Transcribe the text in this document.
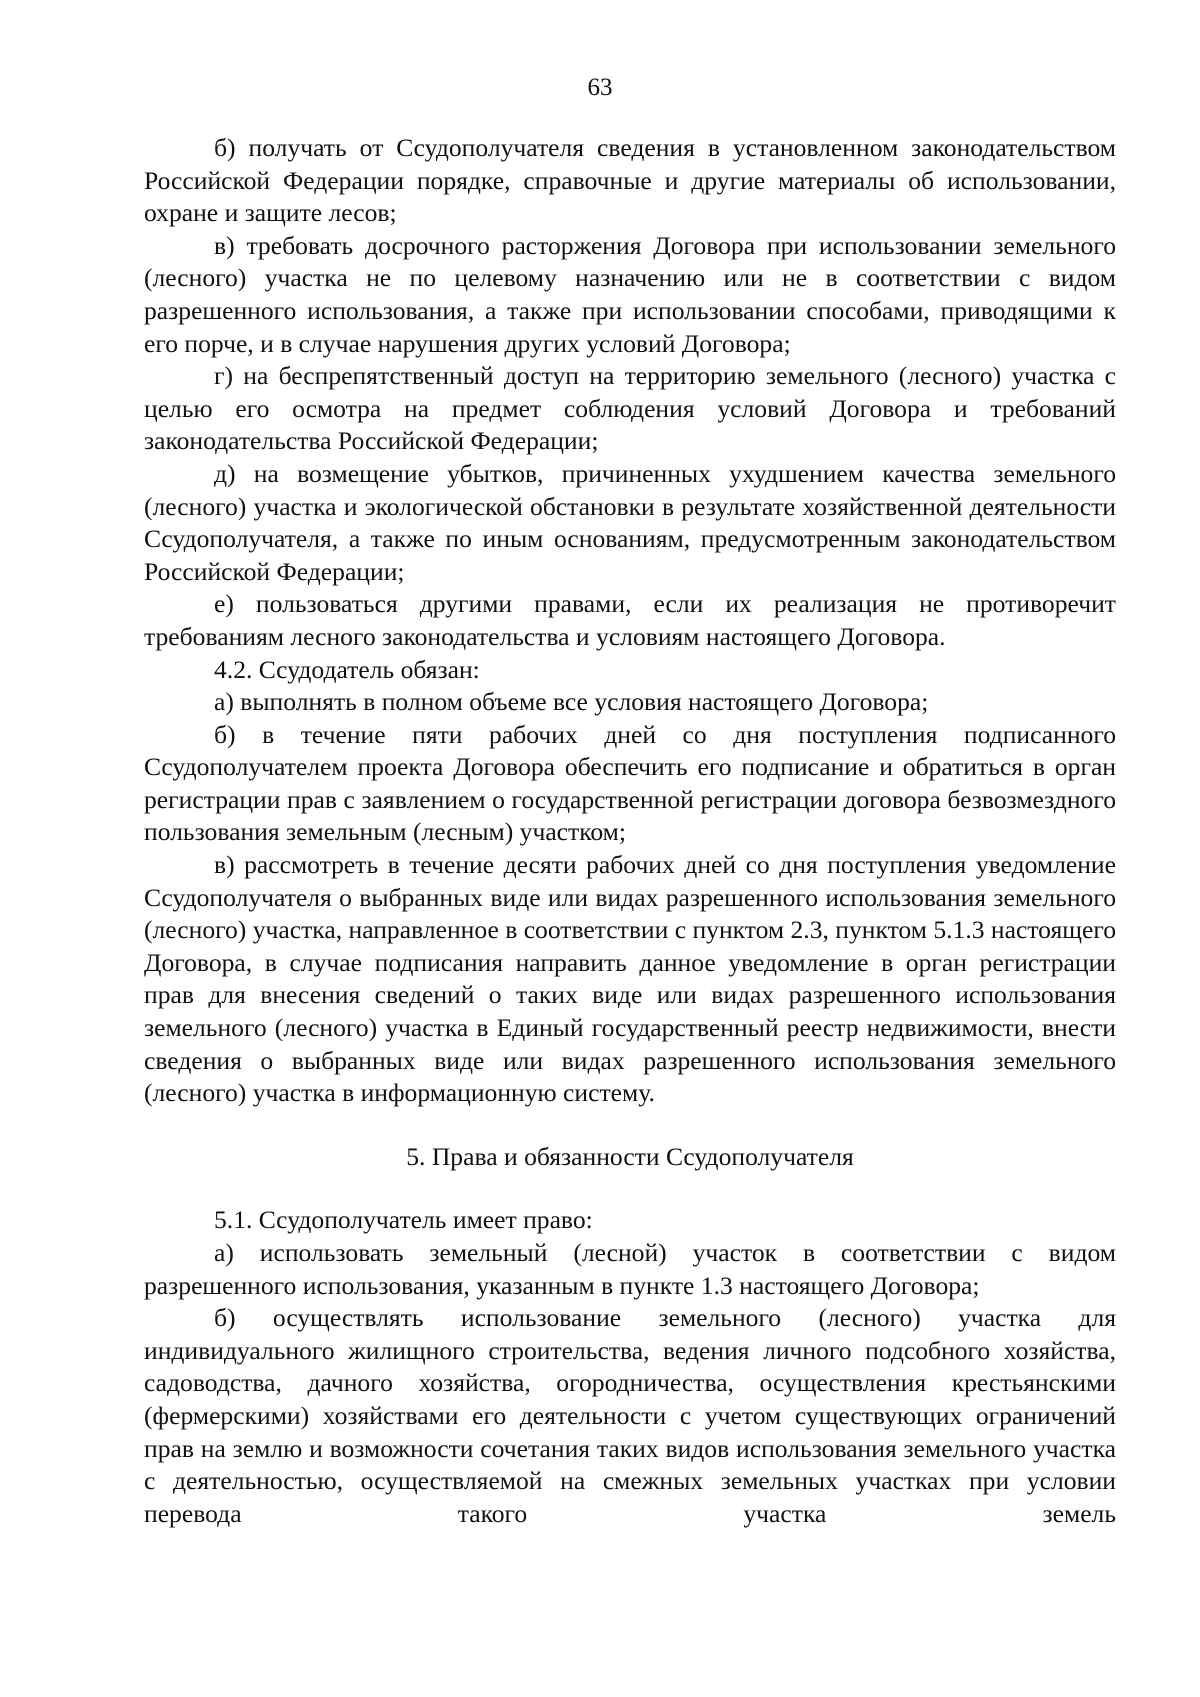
63

б) получать от Ссудополучателя сведения в установленном законодательством Российской Федерации порядке, справочные и другие материалы об использовании, охране и защите лесов;

в) требовать досрочного расторжения Договора при использовании земельного (лесного) участка не по целевому назначению или не в соответствии с видом разрешенного использования, а также при использовании способами, приводящими к его порче, и в случае нарушения других условий Договора;

г) на беспрепятственный доступ на территорию земельного (лесного) участка с целью его осмотра на предмет соблюдения условий Договора и требований законодательства Российской Федерации;

д) на возмещение убытков, причиненных ухудшением качества земельного (лесного) участка и экологической обстановки в результате хозяйственной деятельности Ссудополучателя, а также по иным основаниям, предусмотренным законодательством Российской Федерации;

е) пользоваться другими правами, если их реализация не противоречит требованиям лесного законодательства и условиям настоящего Договора.

4.2. Ссудодатель обязан:

а) выполнять в полном объеме все условия настоящего Договора;

б) в течение пяти рабочих дней со дня поступления подписанного Ссудополучателем проекта Договора обеспечить его подписание и обратиться в орган регистрации прав с заявлением о государственной регистрации договора безвозмездного пользования земельным (лесным) участком;

в) рассмотреть в течение десяти рабочих дней со дня поступления уведомление Ссудополучателя о выбранных виде или видах разрешенного использования земельного (лесного) участка, направленное в соответствии с пунктом 2.3, пунктом 5.1.3 настоящего Договора, в случае подписания направить данное уведомление в орган регистрации прав для внесения сведений о таких виде или видах разрешенного использования земельного (лесного) участка в Единый государственный реестр недвижимости, внести сведения о выбранных виде или видах разрешенного использования земельного (лесного) участка в информационную систему.

5. Права и обязанности Ссудополучателя

5.1. Ссудополучатель имеет право:

а) использовать земельный (лесной) участок в соответствии с видом разрешенного использования, указанным в пункте 1.3 настоящего Договора;

б) осуществлять использование земельного (лесного) участка для индивидуального жилищного строительства, ведения личного подсобного хозяйства, садоводства, дачного хозяйства, огородничества, осуществления крестьянскими (фермерскими) хозяйствами его деятельности с учетом существующих ограничений прав на землю и возможности сочетания таких видов использования земельного участка с деятельностью, осуществляемой на смежных земельных участках при условии перевода такого участка земель
